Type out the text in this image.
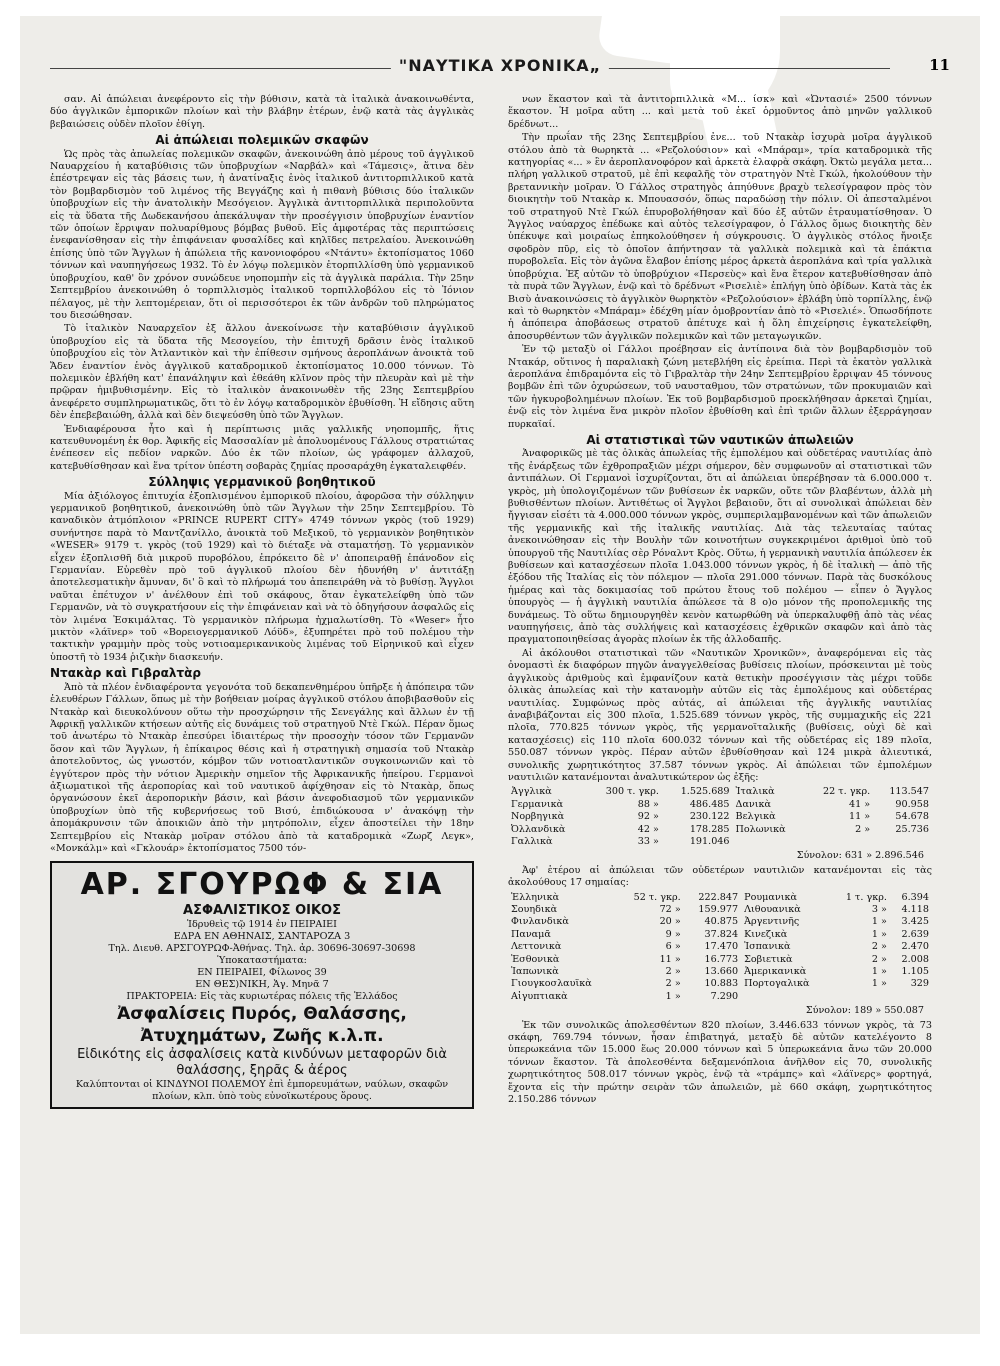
"ΝΑΥΤΙΚΑ ΧΡΟΝΙΚΑ„	11

σαν. Αἱ ἀπώλειαι ἀνεφέροντο εἰς τὴν βύθισιν, κατὰ τὰ ἰταλικὰ ἀνακοινωθέντα, δύο ἀγγλικῶν ἐμπορικῶν πλοίων καὶ τὴν βλάβην ἑτέρων, ἐνῷ κατὰ τὰς ἀγγλικὰς βεβαιώσεις οὐδὲν πλοῖον ἐθίγη.

Αἱ ἀπώλειαι πολεμικῶν σκαφῶν

Ὡς πρὸς τὰς ἀπωλείας πολεμικῶν σκαφῶν, ἀνεκοινώθη ἀπὸ μέρους τοῦ ἀγγλικοῦ Ναυαρχείου ἡ καταβύθισις τῶν ὑποβρυχίων «Ναρβάλ» καὶ «Τάμεσις», ἅτινα δὲν ἐπέστρεψαν εἰς τὰς βάσεις των, ἡ ἀνατίναξις ἑνὸς ἰταλικοῦ ἀντιτορπιλλικοῦ κατὰ τὸν βομβαρδισμὸν τοῦ λιμένος τῆς Βεγγάζης καὶ ἡ πιθανὴ βύθισις δύο ἰταλικῶν ὑποβρυχίων εἰς τὴν ἀνατολικὴν Μεσόγειον. Ἀγγλικὰ ἀντιτορπιλλικὰ περιπολοῦντα εἰς τὰ ὕδατα τῆς Δωδεκανήσου ἀπεκάλυψαν τὴν προσέγγισιν ὑποβρυχίων ἐναντίον τῶν ὁποίων ἔρριψαν πολυαρίθμους βόμβας βυθοῦ. Εἰς ἀμφοτέρας τὰς περιπτώσεις ἐνεφανίσθησαν εἰς τὴν ἐπιφάνειαν φυσαλίδες καὶ κηλῖδες πετρελαίου. Ἀνεκοινώθη ἐπίσης ὑπὸ τῶν Ἄγγλων ἡ ἀπώλεια τῆς κανονιοφόρου «Ντάντυ» ἐκτοπίσματος 1060 τόννων καὶ ναυπηγήσεως 1932. Τὸ ἐν λόγῳ πολεμικὸν ἐτορπιλλίσθη ὑπὸ γερμανικοῦ ὑποβρυχίου, καθ' ὃν χρόνον συνώδευε νηοπομπὴν εἰς τὰ ἀγγλικὰ παράλια. Τὴν 25ην Σεπτεμβρίου ἀνεκοινώθη ὁ τορπιλλισμὸς ἰταλικοῦ τορπιλλοβόλου εἰς τὸ Ἰόνιον πέλαγος, μὲ τὴν λεπτομέρειαν, ὅτι οἱ περισσότεροι ἐκ τῶν ἀνδρῶν τοῦ πληρώματος του διεσώθησαν.

Τὸ ἰταλικὸν Ναυαρχεῖον ἐξ ἄλλου ἀνεκοίνωσε τὴν καταβύθισιν ἀγγλικοῦ ὑποβρυχίου εἰς τὰ ὕδατα τῆς Μεσογείου, τὴν ἐπιτυχῆ δρᾶσιν ἑνὸς ἰταλικοῦ ὑποβρυχίου εἰς τὸν Ἀτλαντικὸν καὶ τὴν ἐπίθεσιν σμήνους ἀεροπλάνων ἀνοικτὰ τοῦ Ἄδεν ἐναντίον ἑνὸς ἀγγλικοῦ καταδρομικοῦ ἐκτοπίσματος 10.000 τόννων. Τὸ πολεμικὸν ἐβλήθη κατ' ἐπανάληψιν καὶ ἐθεάθη κλῖνον πρὸς τὴν πλευρὰν καὶ μὲ τὴν πρῷραν ἠμιβυθισμένην. Εἰς τὸ ἰταλικὸν ἀνακοινωθὲν τῆς 23ης Σεπτεμβρίου ἀνεφέρετο συμπληρωματικῶς, ὅτι τὸ ἐν λόγῳ καταδρομικὸν ἐβυθίσθη. Ἡ εἴδησις αὕτη δὲν ἐπεβεβαιώθη, ἀλλὰ καὶ δὲν διεψεύσθη ὑπὸ τῶν Ἄγγλων.

Ἐνδιαφέρουσα ἦτο καὶ ἡ περίπτωσις μιᾶς γαλλικῆς νηοπομπῆς, ἥτις κατευθυνομένη ἐκ θορ. Ἀφικῆς εἰς Μασσαλίαν μὲ ἀπολυομένους Γάλλους στρατιώτας ἐνέπεσεν εἰς πεδίον ναρκῶν. Δύο ἐκ τῶν πλοίων, ὡς γράφομεν ἀλλαχοῦ, κατεβυθίσθησαν καὶ ἕνα τρίτον ὑπέστη σοβαρὰς ζημίας προσαράχθη ἐγκαταλειφθέν.

Σύλληψις γερμανικοῦ βοηθητικοῦ

Μία ἀξιόλογος ἐπιτυχία ἐξοπλισμένου ἐμπορικοῦ πλοίου, ἀφορῶσα τὴν σύλληψιν γερμανικοῦ βοηθητικοῦ, ἀνεκοινώθη ὑπὸ τῶν Ἄγγλων τὴν 25ην Σεπτεμβρίου. Τὸ καναδικὸν ἀτμόπλοιον «PRINCE RUPERT CITY» 4749 τόννων γκρὸς (τοῦ 1929) συνήντησε παρὰ τὸ Μαντζανίλλο, ἀνοικτὰ τοῦ Μεξικοῦ, τὸ γερμανικὸν βοηθητικὸν «WESER» 9179 τ. γκρὸς (τοῦ 1929) καὶ τὸ διέταξε νὰ σταματήσῃ. Τὸ γερμανικὸν εἶχεν ἐξοπλισθῆ διὰ μικροῦ πυροβόλου, ἐπρόκειτο δὲ ν' ἀποπειραθῇ ἐπάνοδον εἰς Γερμανίαν. Εὑρεθὲν πρὸ τοῦ ἀγγλικοῦ πλοίου δὲν ἠδυνήθη ν' ἀντιτάξῃ ἀποτελεσματικὴν ἄμυναν, δι' ὃ καὶ τὸ πλήρωμά του ἀπεπειράθη νὰ τὸ βυθίσῃ. Ἄγγλοι ναῦται ἐπέτυχον ν' ἀνέλθουν ἐπὶ τοῦ σκάφους, ὅταν ἐγκατελείφθη ὑπὸ τῶν Γερμανῶν, νὰ τὸ συγκρατήσουν εἰς τὴν ἐπιφάνειαν καὶ νὰ τὸ ὁδηγήσουν ἀσφαλῶς εἰς τὸν λιμένα Ἐσκιμάλτας. Τὸ γερμανικὸν πλήρωμα ἠχμαλωτίσθη. Τὸ «Weser» ἦτο μικτὸν «λάϊνερ» τοῦ «Βορειογερμανικοῦ Λόϋδ», ἐξυπηρέτει πρὸ τοῦ πολέμου τὴν τακτικὴν γραμμὴν πρὸς τοὺς νοτιοαμερικανικοὺς λιμένας τοῦ Εἰρηνικοῦ καὶ εἶχεν ὑποστῆ τὸ 1934 ῥιζικὴν διασκευήν.

Ντακὰρ καὶ Γιβραλτὰρ

Ἀπὸ τὰ πλέον ἐνδιαφέροντα γεγονότα τοῦ δεκαπενθημέρου ὑπῆρξε ἡ ἀπόπειρα τῶν ἐλευθέρων Γάλλων, ὅπως μὲ τὴν βοήθειαν μοίρας ἀγγλικοῦ στόλου ἀποβιβασθοῦν εἰς Ντακὰρ καὶ διευκολύνουν οὕτω τὴν προσχώρησιν τῆς Σενεγάλης καὶ ἄλλων ἐν τῇ Ἀφρικῇ γαλλικῶν κτήσεων αὐτῆς εἰς δυνάμεις τοῦ στρατηγοῦ Ντὲ Γκώλ. Πέραν ὅμως τοῦ ἀνωτέρω τὸ Ντακὰρ ἐπεσύρει ἰδιαιτέρως τὴν προσοχὴν τόσον τῶν Γερμανῶν ὅσον καὶ τῶν Ἄγγλων, ἡ ἐπίκαιρος θέσις καὶ ἡ στρατηγικὴ σημασία τοῦ Ντακὰρ ἀποτελοῦντος, ὡς γνωστόν, κόμβον τῶν νοτιοατλαντικῶν συγκοινωνιῶν καὶ τὸ ἐγγύτερον πρὸς τὴν νότιον Ἀμερικὴν σημεῖον τῆς Ἀφρικανικῆς ἠπείρου. Γερμανοὶ ἀξιωματικοὶ τῆς ἀεροπορίας καὶ τοῦ ναυτικοῦ ἀφίχθησαν εἰς τὸ Ντακὰρ, ὅπως ὀργανώσουν ἐκεῖ ἀεροπορικὴν βάσιν, καὶ βάσιν ἀνεφοδιασμοῦ τῶν γερμανικῶν ὑποβρυχίων ὑπὸ τῆς κυβερνήσεως τοῦ Βισύ, ἐπιδιώκουσα ν' ἀνακόψῃ τὴν ἀπομάκρυνσιν τῶν ἀποικιῶν ἀπὸ τὴν μητρόπολιν, εἶχεν ἀποστείλει τὴν 18ην Σεπτεμβρίου εἰς Ντακὰρ μοῖραν στόλου ἀπὸ τὰ καταδρομικὰ «Ζωρζ Λεγκ», «Μονκάλμ» καὶ «Γκλουάρ» ἐκτοπίσματος 7500 τόν-

ΑΡ. ΣΓΟΥΡΩΦ & ΣΙΑ
ΑΣΦΑΛΙΣΤΙΚΟΣ ΟΙΚΟΣ
Ἱδρυθεὶς τῷ 1914 ἐν ΠΕΙΡΑΙΕΙ
ΕΔΡΑ ΕΝ ΑΘΗΝΑΙΣ, ΣΑΝΤΑΡΟΖΑ 3
Τηλ. Διευθ. ΑΡΣΓΟΥΡΩΦ-Ἀθήνας. Τηλ. ἀρ. 30696-30697-30698
Ὑποκαταστήματα:
ΕΝ ΠΕΙΡΑΙΕΙ, Φίλωνος 39
ΕΝ ΘΕΣ)ΝΙΚΗ, Ἁγ. Μηνᾶ 7
ΠΡΑΚΤΟΡΕΙΑ: Εἰς τὰς κυριωτέρας πόλεις τῆς Ἑλλάδος
Ἀσφαλίσεις Πυρός, Θαλάσσης, Ἀτυχημάτων, Ζωῆς κ.λ.π.
Εἰδικότης εἰς ἀσφαλίσεις κατὰ κινδύνων μεταφορῶν διὰ θαλάσσης, ξηρᾶς & ἀέρος
Καλύπτονται οἱ ΚΙΝΔΥΝΟΙ ΠΟΛΕΜΟΥ ἐπὶ ἐμπορευμάτων, ναύλων, σκαφῶν πλοίων, κλπ. ὑπὸ τοὺς εὐνοϊκωτέρους ὅρους.

νων ἕκαστον καὶ τὰ ἀντιτορπιλλικὰ «Μ... ίσκ» καὶ «Ὠντασιέ» 2500 τόννων ἕκαστον. Ἡ μοῖρα αὕτη ... καὶ μετὰ τοῦ ἐκεῖ ὁρμοῦντος ἀπὸ μηνῶν γαλλικοῦ δρέδνωτ...

Τὴν πρωΐαν τῆς 23ης Σεπτεμβρίου ἐνε... τοῦ Ντακὰρ ἰσχυρὰ μοῖρα ἀγγλικοῦ στόλου ἀπὸ τὰ θωρηκτὰ ... «Ρεζολούσιον» καὶ «Μπάραμ», τρία καταδρομικὰ τῆς κατηγορίας «... » ἓν ἀεροπλανοφόρον καὶ ἀρκετὰ ἐλαφρὰ σκάφη. Ὀκτὼ μεγάλα μετα... πλήρη γαλλικοῦ στρατοῦ, μὲ ἐπὶ κεφαλῆς τὸν στρατηγὸν Ντὲ Γκώλ, ἠκολούθουν τὴν βρεταννικὴν μοῖραν. Ὁ Γάλλος στρατηγὸς ἀπηύθυνε βραχὺ τελεσίγραφον πρὸς τὸν διοικητὴν τοῦ Ντακὰρ κ. Μπουασσόν, ὅπως παραδώσῃ τὴν πόλιν. Οἱ ἀπεσταλμένοι τοῦ στρατηγοῦ Ντὲ Γκώλ ἐπυροβολήθησαν καὶ δύο ἐξ αὐτῶν ἐτραυματίσθησαν. Ὁ Ἄγγλος ναύαρχος ἐπέδωκε καὶ αὐτὸς τελεσίγραφον, ὁ Γάλλος ὅμως διοικητὴς δὲν ὑπέκυψε καὶ μοιραίως ἐπηκολούθησεν ἡ σύγκρουσις. Ὁ ἀγγλικὸς στόλος ἤνοιξε σφοδρὸν πῦρ, εἰς τὸ ὁποῖον ἀπήντησαν τὰ γαλλικὰ πολεμικὰ καὶ τὰ ἐπάκτια πυροβολεῖα. Εἰς τὸν ἀγῶνα ἔλαβον ἐπίσης μέρος ἀρκετὰ ἀεροπλάνα καὶ τρία γαλλικὰ ὑποβρύχια. Ἐξ αὐτῶν τὸ ὑποβρύχιον «Περσεὺς» καὶ ἕνα ἕτερον κατεβυθίσθησαν ἀπὸ τὰ πυρὰ τῶν Ἄγγλων, ἐνῷ καὶ τὸ δρέδνωτ «Ρισελιὲ» ἐπλήγη ὑπὸ ὀβίδων. Κατὰ τὰς ἐκ Βισὺ ἀνακοινώσεις τὸ ἀγγλικὸν θωρηκτὸν «Ρεζολούσιον» ἐβλάβη ὑπὸ τορπίλλης, ἐνῷ καὶ τὸ θωρηκτὸν «Μπάραμ» ἐδέχθη μίαν ὁμοβροντίαν ἀπὸ τὸ «Ρισελιέ». Ὁπωσδήποτε ἡ ἀπόπειρα ἀποβάσεως στρατοῦ ἀπέτυχε καὶ ἡ ὅλη ἐπιχείρησις ἐγκατελείφθη, ἀποσυρθέντων τῶν ἀγγλικῶν πολεμικῶν καὶ τῶν μεταγωγικῶν.

Ἐν τῷ μεταξὺ οἱ Γάλλοι προέβησαν εἰς ἀντίποινα διὰ τὸν βομβαρδισμὸν τοῦ Ντακάρ, οὕτινος ἡ παραλιακὴ ζώνη μετεβλήθη εἰς ἐρείπια. Περὶ τὰ ἑκατὸν γαλλικὰ ἀεροπλάνα ἐπιδραμόντα εἰς τὸ Γιβραλτὰρ τὴν 24ην Σεπτεμβρίου ἔρριψαν 45 τόννους βομβῶν ἐπὶ τῶν ὀχυρώσεων, τοῦ ναυσταθμου, τῶν στρατώνων, τῶν προκυμαιῶν καὶ τῶν ἠγκυροβολημένων πλοίων. Ἐκ τοῦ βομβαρδισμοῦ προεκλήθησαν ἀρκεταὶ ζημίαι, ἐνῷ εἰς τὸν λιμένα ἕνα μικρὸν πλοῖον ἐβυθίσθη καὶ ἐπὶ τριῶν ἄλλων ἐξερράγησαν πυρκαϊαί.

Αἱ στατιστικαὶ τῶν ναυτικῶν ἀπωλειῶν

Ἀναφορικῶς μὲ τὰς ὁλικὰς ἀπωλείας τῆς ἐμπολέμου καὶ οὐδετέρας ναυτιλίας ἀπὸ τῆς ἐνάρξεως τῶν ἐχθροπραξιῶν μέχρι σήμερον, δὲν συμφωνοῦν αἱ στατιστικαὶ τῶν ἀντιπάλων. Οἱ Γερμανοὶ ἰσχυρίζονται, ὅτι αἱ ἀπώλειαι ὑπερέβησαν τὰ 6.000.000 τ. γκρὸς, μὴ ὑπολογιζομένων τῶν βυθίσεων ἐκ ναρκῶν, οὔτε τῶν βλαβέντων, ἀλλὰ μὴ βυθισθέντων πλοίων. Ἀντιθέτως οἱ Ἄγγλοι βεβαιοῦν, ὅτι αἱ συνολικαὶ ἀπώλειαι δὲν ἤγγισαν εἰσέτι τὰ 4.000.000 τόννων γκρὸς, συμπεριλαμβανομένων καὶ τῶν ἀπωλειῶν τῆς γερμανικῆς καὶ τῆς ἰταλικῆς ναυτιλίας. Διὰ τὰς τελευταίας ταύτας ἀνεκοινώθησαν εἰς τὴν Βουλὴν τῶν κοινοτήτων συγκεκριμένοι ἀριθμοὶ ὑπὸ τοῦ ὑπουργοῦ τῆς Ναυτιλίας σὲρ Ρόναλντ Κρὸς. Οὕτω, ἡ γερμανικὴ ναυτιλία ἀπώλεσεν ἐκ βυθίσεων καὶ κατασχέσεων πλοῖα 1.043.000 τόννων γκρὸς, ἡ δὲ ἰταλικὴ — ἀπὸ τῆς ἐξόδου τῆς Ἰταλίας εἰς τὸν πόλεμον — πλοῖα 291.000 τόννων. Παρὰ τὰς δυσκόλους ἡμέρας καὶ τὰς δοκιμασίας τοῦ πρώτου ἔτους τοῦ πολέμου — εἶπεν ὁ Ἄγγλος ὑπουργὸς — ἡ ἀγγλικὴ ναυτιλία ἀπώλεσε τὰ 8 ο)ο μόνον τῆς προπολεμικῆς της δυνάμεως. Τὸ οὕτω δημιουργηθὲν κενὸν κατωρθώθη νὰ ὑπερκαλυφθῇ ἀπὸ τὰς νέας ναυπηγήσεις, ἀπὸ τὰς συλλήψεις καὶ κατασχέσεις ἐχθρικῶν σκαφῶν καὶ ἀπὸ τὰς πραγματοποιηθείσας ἀγορὰς πλοίων ἐκ τῆς ἀλλοδαπῆς.

Αἱ ἀκόλουθοι στατιστικαὶ τῶν «Ναυτικῶν Χρονικῶν», ἀναφερόμεναι εἰς τὰς ὀνομαστὶ ἐκ διαφόρων πηγῶν ἀναγγελθείσας βυθίσεις πλοίων, πρόσκεινται μὲ τοὺς ἀγγλικοὺς ἀριθμοὺς καὶ ἐμφανίζουν κατὰ θετικὴν προσέγγισιν τὰς μέχρι τοῦδε ὁλικὰς ἀπωλείας καὶ τὴν κατανομὴν αὐτῶν εἰς τὰς ἐμπολέμους καὶ οὐδετέρας ναυτιλίας. Συμφώνως πρὸς αὐτάς, αἱ ἀπώλειαι τῆς ἀγγλικῆς ναυτιλίας ἀναβιβάζονται εἰς 300 πλοῖα, 1.525.689 τόννων γκρὸς, τῆς συμμαχικῆς εἰς 221 πλοῖα, 770.825 τόννων γκρὸς, τῆς γερμανοϊταλικῆς (βυθίσεις, οὐχὶ δὲ καὶ κατασχέσεις) εἰς 110 πλοῖα 600.032 τόννων καὶ τῆς οὐδετέρας εἰς 189 πλοῖα, 550.087 τόννων γκρὸς. Πέραν αὐτῶν ἐβυθίσθησαν καὶ 124 μικρὰ ἁλιευτικά, συνολικῆς χωρητικότητος 37.587 τόννων γκρὸς. Αἱ ἀπώλειαι τῶν ἐμπολέμων ναυτιλιῶν κατανέμονται ἀναλυτικώτερον ὡς ἑξῆς:

Ἀγγλικὰ	300 τ. γκρ.	1.525.689	Ἰταλικὰ	22 τ. γκρ.	113.547
Γερμανικὰ	88 »	486.485	Δανικὰ	41 »	90.958
Νορβηγικὰ	92 »	230.122	Βελγικὰ	11 »	54.678
Ὀλλανδικὰ	42 »	178.285	Πολωνικὰ	2 »	25.736
Γαλλικὰ	33 »	191.046			
Σύνολον: 631 » 2.896.546

Ἀφ' ἑτέρου αἱ ἀπώλειαι τῶν οὐδετέρων ναυτιλιῶν κατανέμονται εἰς τὰς ἀκολούθους 17 σημαίας:

Ἑλληνικὰ	52 τ. γκρ.	222.847	Ρουμανικὰ	1 τ. γκρ.	6.394
Σουηδικὰ	72 »	159.977	Λιθουανικὰ	3 »	4.118
Φινλανδικὰ	20 »	40.875	Ἀργεντινῆς	1 »	3.425
Παναμᾶ	9 »	37.824	Κινεζικὰ	1 »	2.639
Λεττονικὰ	6 »	17.470	Ἰσπανικὰ	2 »	2.470
Ἐσθονικὰ	11 »	16.773	Σοβιετικὰ	2 »	2.008
Ἰαπωνικὰ	2 »	13.660	Ἀμερικανικὰ	1 »	1.105
Γιουγκοσλαυϊκὰ	2 »	10.883	Πορτογαλικὰ	1 »	329
Αἰγυπτιακὰ	1 »	7.290			
Σύνολον: 189 » 550.087

Ἐκ τῶν συνολικῶς ἀπολεσθέντων 820 πλοίων, 3.446.633 τόννων γκρὸς, τὰ 73 σκάφη, 769.794 τόννων, ἦσαν ἐπιβατηγά, μεταξὺ δὲ αὐτῶν κατελέγοντο 8 ὑπερωκεάνια τῶν 15.000 ἕως 20.000 τόννων καὶ 5 ὑπερωκεάνια ἄνω τῶν 20.000 τόννων ἕκαστον. Τὰ ἀπολεσθέντα δεξαμενόπλοια ἀνῆλθον εἰς 70, συνολικῆς χωρητικότητος 508.017 τόννων γκρὸς, ἐνῷ τὰ «τράμπς» καὶ «λάϊνερς» φορτηγά, ἔχοντα εἰς τὴν πρώτην σειρὰν τῶν ἀπωλειῶν, μὲ 660 σκάφη, χωρητικότητος 2.150.286 τόννων
